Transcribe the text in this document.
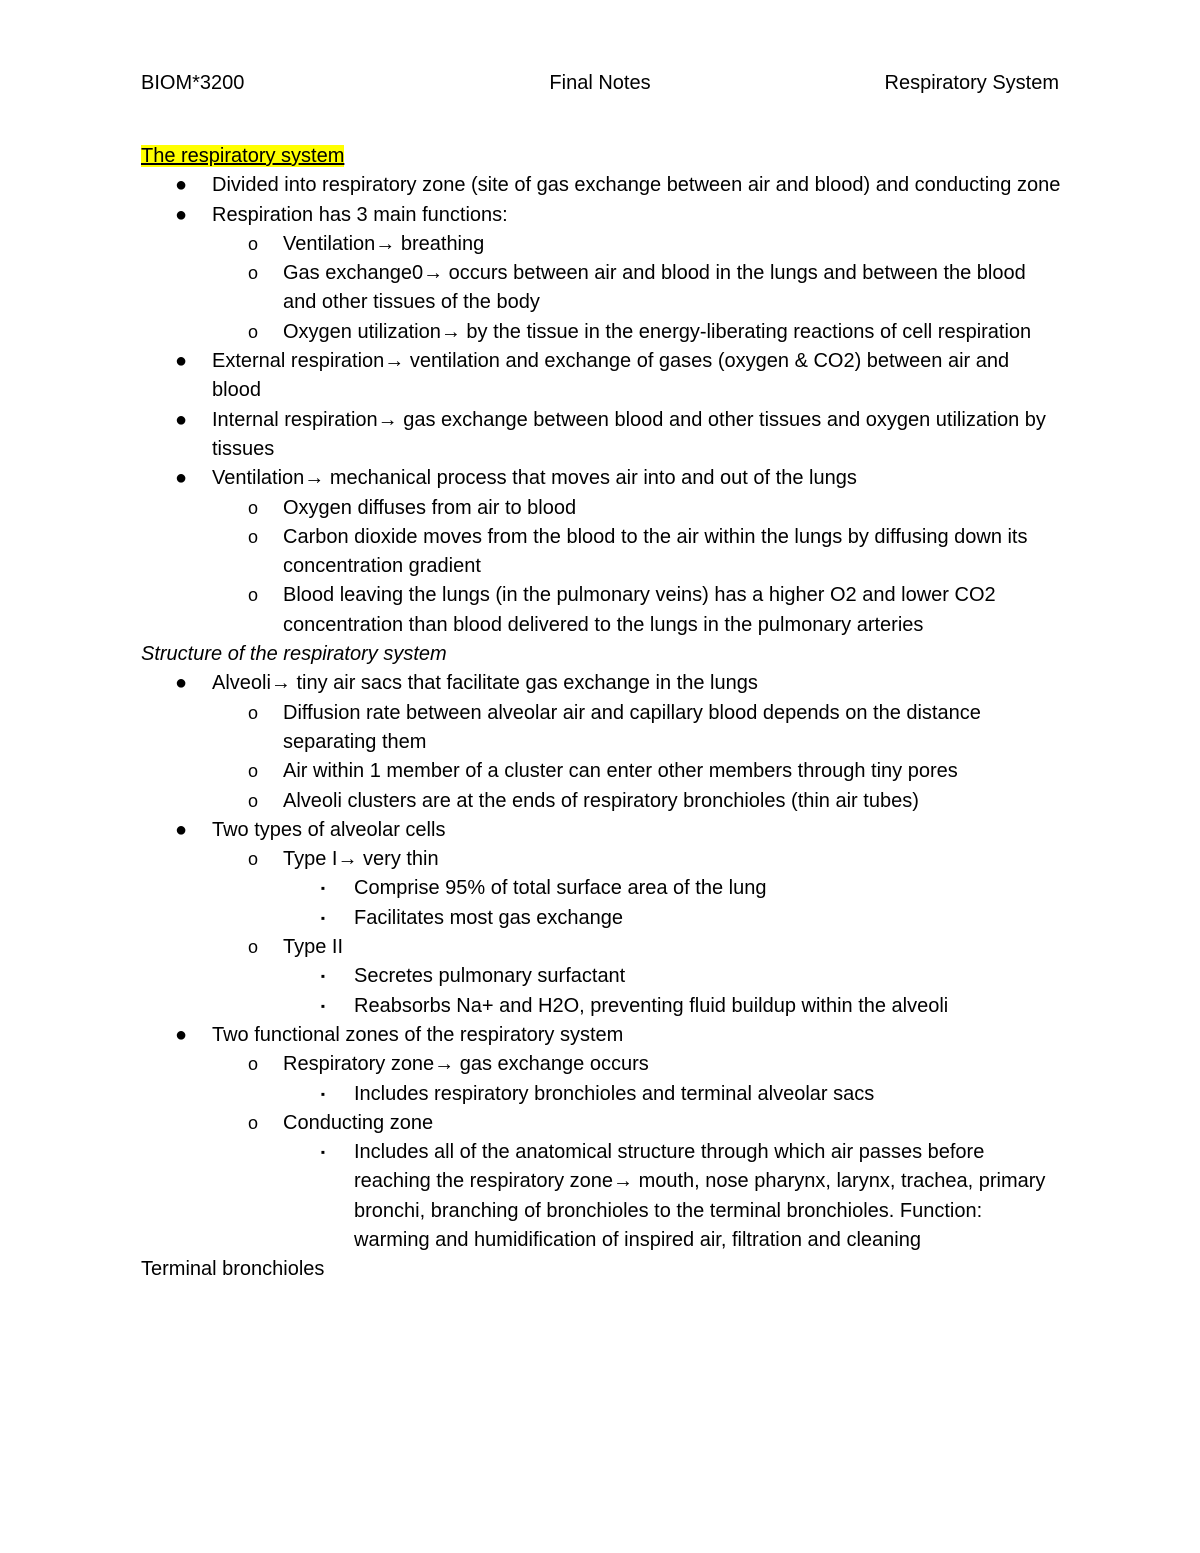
BIOM*3200	Final Notes	Respiratory System
The respiratory system
● Divided into respiratory zone (site of gas exchange between air and blood) and conducting zone
● Respiration has 3 main functions:
o Ventilation→ breathing
o Gas exchange0→ occurs between air and blood in the lungs and between the blood and other tissues of the body
o Oxygen utilization→ by the tissue in the energy-liberating reactions of cell respiration
● External respiration→ ventilation and exchange of gases (oxygen & CO2) between air and blood
● Internal respiration→ gas exchange between blood and other tissues and oxygen utilization by tissues
● Ventilation→ mechanical process that moves air into and out of the lungs
o Oxygen diffuses from air to blood
o Carbon dioxide moves from the blood to the air within the lungs by diffusing down its concentration gradient
o Blood leaving the lungs (in the pulmonary veins) has a higher O2 and lower CO2 concentration than blood delivered to the lungs in the pulmonary arteries
Structure of the respiratory system
● Alveoli→ tiny air sacs that facilitate gas exchange in the lungs
o Diffusion rate between alveolar air and capillary blood depends on the distance separating them
o Air within 1 member of a cluster can enter other members through tiny pores
o Alveoli clusters are at the ends of respiratory bronchioles (thin air tubes)
● Two types of alveolar cells
o Type I→ very thin
▪	Comprise 95% of total surface area of the lung
▪	Facilitates most gas exchange
o Type II
▪	Secretes pulmonary surfactant
▪	Reabsorbs Na+ and H2O, preventing fluid buildup within the alveoli
● Two functional zones of the respiratory system
o Respiratory zone→ gas exchange occurs
▪	Includes respiratory bronchioles and terminal alveolar sacs
o Conducting zone
▪	Includes all of the anatomical structure through which air passes before reaching the respiratory zone→ mouth, nose pharynx, larynx, trachea, primary bronchi, branching of bronchioles to the terminal bronchioles. Function: warming and humidification of inspired air, filtration and cleaning
Terminal bronchioles
